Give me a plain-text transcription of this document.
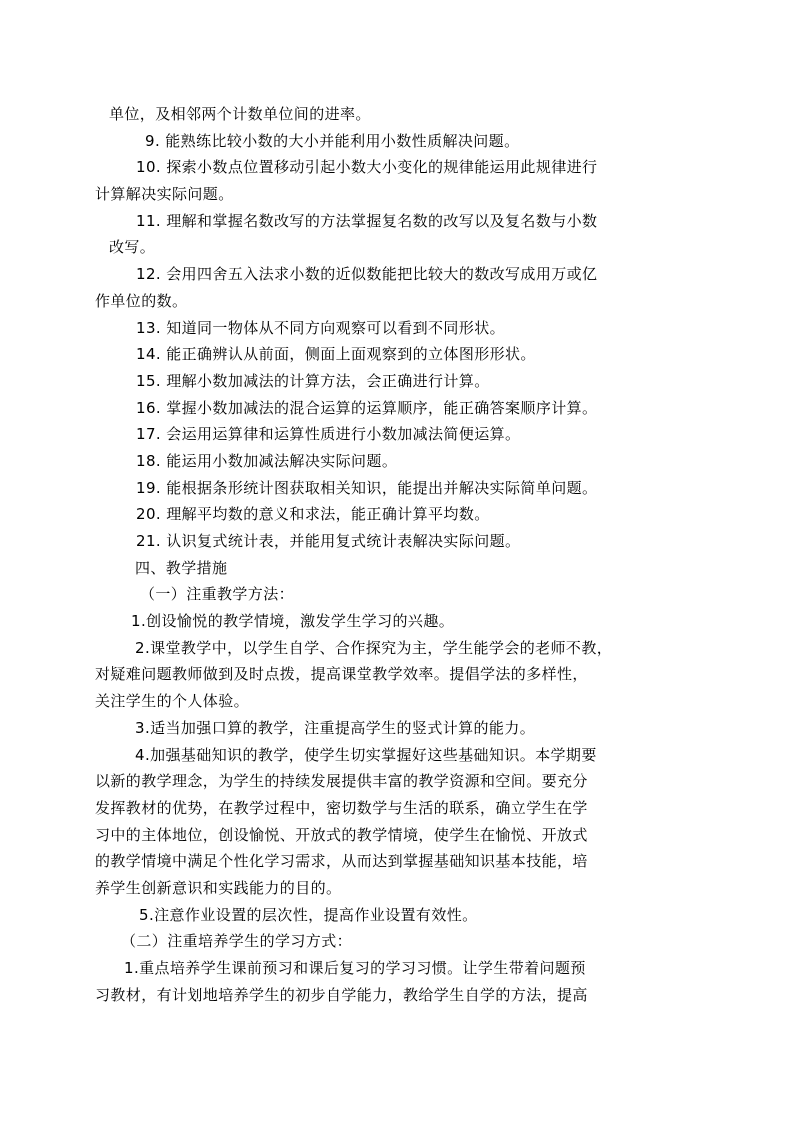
单位，及相邻两个计数单位间的进率。
9. 能熟练比较小数的大小并能利用小数性质解决问题。
10. 探索小数点位置移动引起小数大小变化的规律能运用此规律进行
计算解决实际问题。
11. 理解和掌握名数改写的方法掌握复名数的改写以及复名数与小数
改写。
12. 会用四舍五入法求小数的近似数能把比较大的数改写成用万或亿
作单位的数。
13. 知道同一物体从不同方向观察可以看到不同形状。
14. 能正确辨认从前面，侧面上面观察到的立体图形形状。
15. 理解小数加减法的计算方法，会正确进行计算。
16. 掌握小数加减法的混合运算的运算顺序，能正确答案顺序计算。
17. 会运用运算律和运算性质进行小数加减法简便运算。
18. 能运用小数加减法解决实际问题。
19. 能根据条形统计图获取相关知识，能提出并解决实际简单问题。
20. 理解平均数的意义和求法，能正确计算平均数。
21. 认识复式统计表，并能用复式统计表解决实际问题。
四、教学措施
（一）注重教学方法：
1.创设愉悦的教学情境，激发学生学习的兴趣。
2.课堂教学中，以学生自学、合作探究为主，学生能学会的老师不教，
对疑难问题教师做到及时点拨，提高课堂教学效率。提倡学法的多样性，
关注学生的个人体验。
3.适当加强口算的教学，注重提高学生的竖式计算的能力。
4.加强基础知识的教学，使学生切实掌握好这些基础知识。本学期要
以新的教学理念，为学生的持续发展提供丰富的教学资源和空间。要充分
发挥教材的优势，在教学过程中，密切数学与生活的联系，确立学生在学
习中的主体地位，创设愉悦、开放式的教学情境，使学生在愉悦、开放式
的教学情境中满足个性化学习需求，从而达到掌握基础知识基本技能，培
养学生创新意识和实践能力的目的。
5.注意作业设置的层次性，提高作业设置有效性。
（二）注重培养学生的学习方式：
1.重点培养学生课前预习和课后复习的学习习惯。让学生带着问题预
习教材，有计划地培养学生的初步自学能力，教给学生自学的方法，提高
